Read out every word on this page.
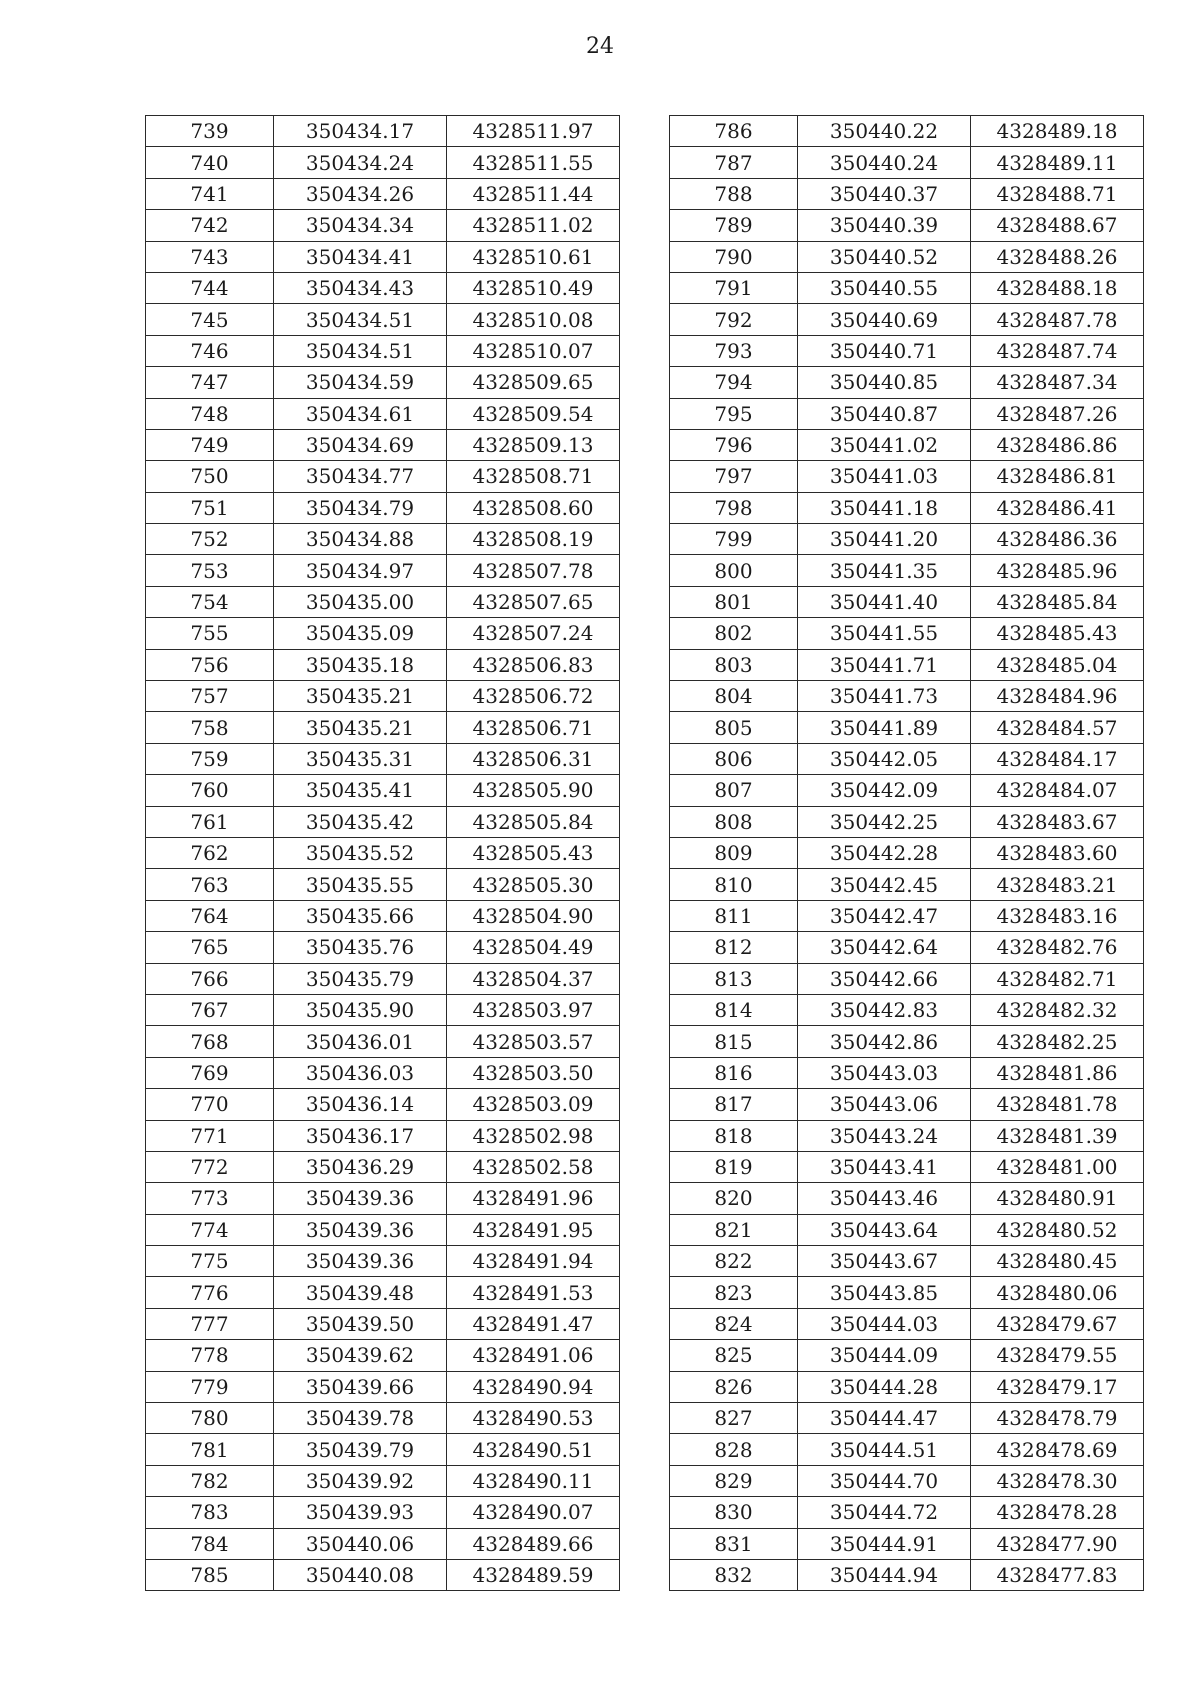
24
739	350434.17	4328511.97
740	350434.24	4328511.55
741	350434.26	4328511.44
742	350434.34	4328511.02
743	350434.41	4328510.61
744	350434.43	4328510.49
745	350434.51	4328510.08
746	350434.51	4328510.07
747	350434.59	4328509.65
748	350434.61	4328509.54
749	350434.69	4328509.13
750	350434.77	4328508.71
751	350434.79	4328508.60
752	350434.88	4328508.19
753	350434.97	4328507.78
754	350435.00	4328507.65
755	350435.09	4328507.24
756	350435.18	4328506.83
757	350435.21	4328506.72
758	350435.21	4328506.71
759	350435.31	4328506.31
760	350435.41	4328505.90
761	350435.42	4328505.84
762	350435.52	4328505.43
763	350435.55	4328505.30
764	350435.66	4328504.90
765	350435.76	4328504.49
766	350435.79	4328504.37
767	350435.90	4328503.97
768	350436.01	4328503.57
769	350436.03	4328503.50
770	350436.14	4328503.09
771	350436.17	4328502.98
772	350436.29	4328502.58
773	350439.36	4328491.96
774	350439.36	4328491.95
775	350439.36	4328491.94
776	350439.48	4328491.53
777	350439.50	4328491.47
778	350439.62	4328491.06
779	350439.66	4328490.94
780	350439.78	4328490.53
781	350439.79	4328490.51
782	350439.92	4328490.11
783	350439.93	4328490.07
784	350440.06	4328489.66
785	350440.08	4328489.59
786	350440.22	4328489.18
787	350440.24	4328489.11
788	350440.37	4328488.71
789	350440.39	4328488.67
790	350440.52	4328488.26
791	350440.55	4328488.18
792	350440.69	4328487.78
793	350440.71	4328487.74
794	350440.85	4328487.34
795	350440.87	4328487.26
796	350441.02	4328486.86
797	350441.03	4328486.81
798	350441.18	4328486.41
799	350441.20	4328486.36
800	350441.35	4328485.96
801	350441.40	4328485.84
802	350441.55	4328485.43
803	350441.71	4328485.04
804	350441.73	4328484.96
805	350441.89	4328484.57
806	350442.05	4328484.17
807	350442.09	4328484.07
808	350442.25	4328483.67
809	350442.28	4328483.60
810	350442.45	4328483.21
811	350442.47	4328483.16
812	350442.64	4328482.76
813	350442.66	4328482.71
814	350442.83	4328482.32
815	350442.86	4328482.25
816	350443.03	4328481.86
817	350443.06	4328481.78
818	350443.24	4328481.39
819	350443.41	4328481.00
820	350443.46	4328480.91
821	350443.64	4328480.52
822	350443.67	4328480.45
823	350443.85	4328480.06
824	350444.03	4328479.67
825	350444.09	4328479.55
826	350444.28	4328479.17
827	350444.47	4328478.79
828	350444.51	4328478.69
829	350444.70	4328478.30
830	350444.72	4328478.28
831	350444.91	4328477.90
832	350444.94	4328477.83
